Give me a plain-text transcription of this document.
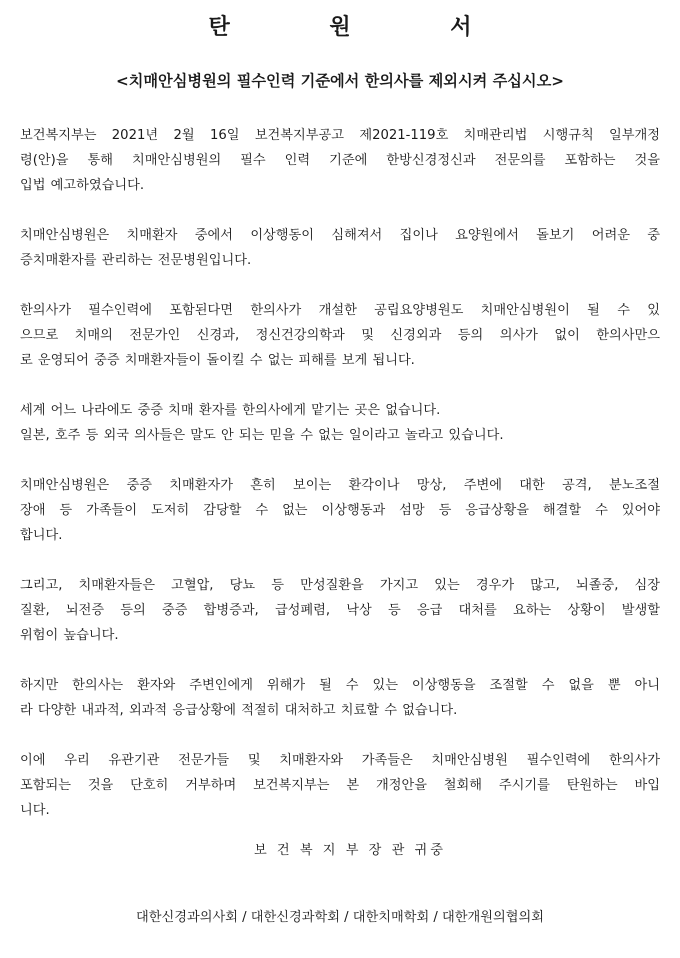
탄 원 서
<치매안심병원의 필수인력 기준에서 한의사를 제외시켜 주십시오>
보건복지부는 2021년 2월 16일 보건복지부공고 제2021-119호 치매관리법 시행규칙 일부개정
령(안)을 통해 치매안심병원의 필수 인력 기준에 한방신경정신과 전문의를 포함하는 것을
입법 예고하였습니다.
치매안심병원은 치매환자 중에서 이상행동이 심해져서 집이나 요양원에서 돌보기 어려운 중
증치매환자를 관리하는 전문병원입니다.
한의사가 필수인력에 포함된다면 한의사가 개설한 공립요양병원도 치매안심병원이 될 수 있
으므로 치매의 전문가인 신경과, 정신건강의학과 및 신경외과 등의 의사가 없이 한의사만으
로 운영되어 중증 치매환자들이 돌이킬 수 없는 피해를 보게 됩니다.
세계 어느 나라에도 중증 치매 환자를 한의사에게 맡기는 곳은 없습니다.
일본, 호주 등 외국 의사들은 말도 안 되는 믿을 수 없는 일이라고 놀라고 있습니다.
치매안심병원은 중증 치매환자가 흔히 보이는 환각이나 망상, 주변에 대한 공격, 분노조절
장애 등 가족들이 도저히 감당할 수 없는 이상행동과 섬망 등 응급상황을 해결할 수 있어야
합니다.
그리고, 치매환자들은 고혈압, 당뇨 등 만성질환을 가지고 있는 경우가 많고, 뇌졸중, 심장
질환, 뇌전증 등의 중증 합병증과, 급성폐렴, 낙상 등 응급 대처를 요하는 상황이 발생할
위험이 높습니다.
하지만 한의사는 환자와 주변인에게 위해가 될 수 있는 이상행동을 조절할 수 없을 뿐 아니
라 다양한 내과적, 외과적 응급상황에 적절히 대처하고 치료할 수 없습니다.
이에 우리 유관기관 전문가들 및 치매환자와 가족들은 치매안심병원 필수인력에 한의사가
포함되는 것을 단호히 거부하며 보건복지부는 본 개정안을 철회해 주시기를 탄원하는 바입
니다.
보 건 복 지 부 장 관 귀중
대한신경과의사회 / 대한신경과학회 / 대한치매학회 / 대한개원의협의회
